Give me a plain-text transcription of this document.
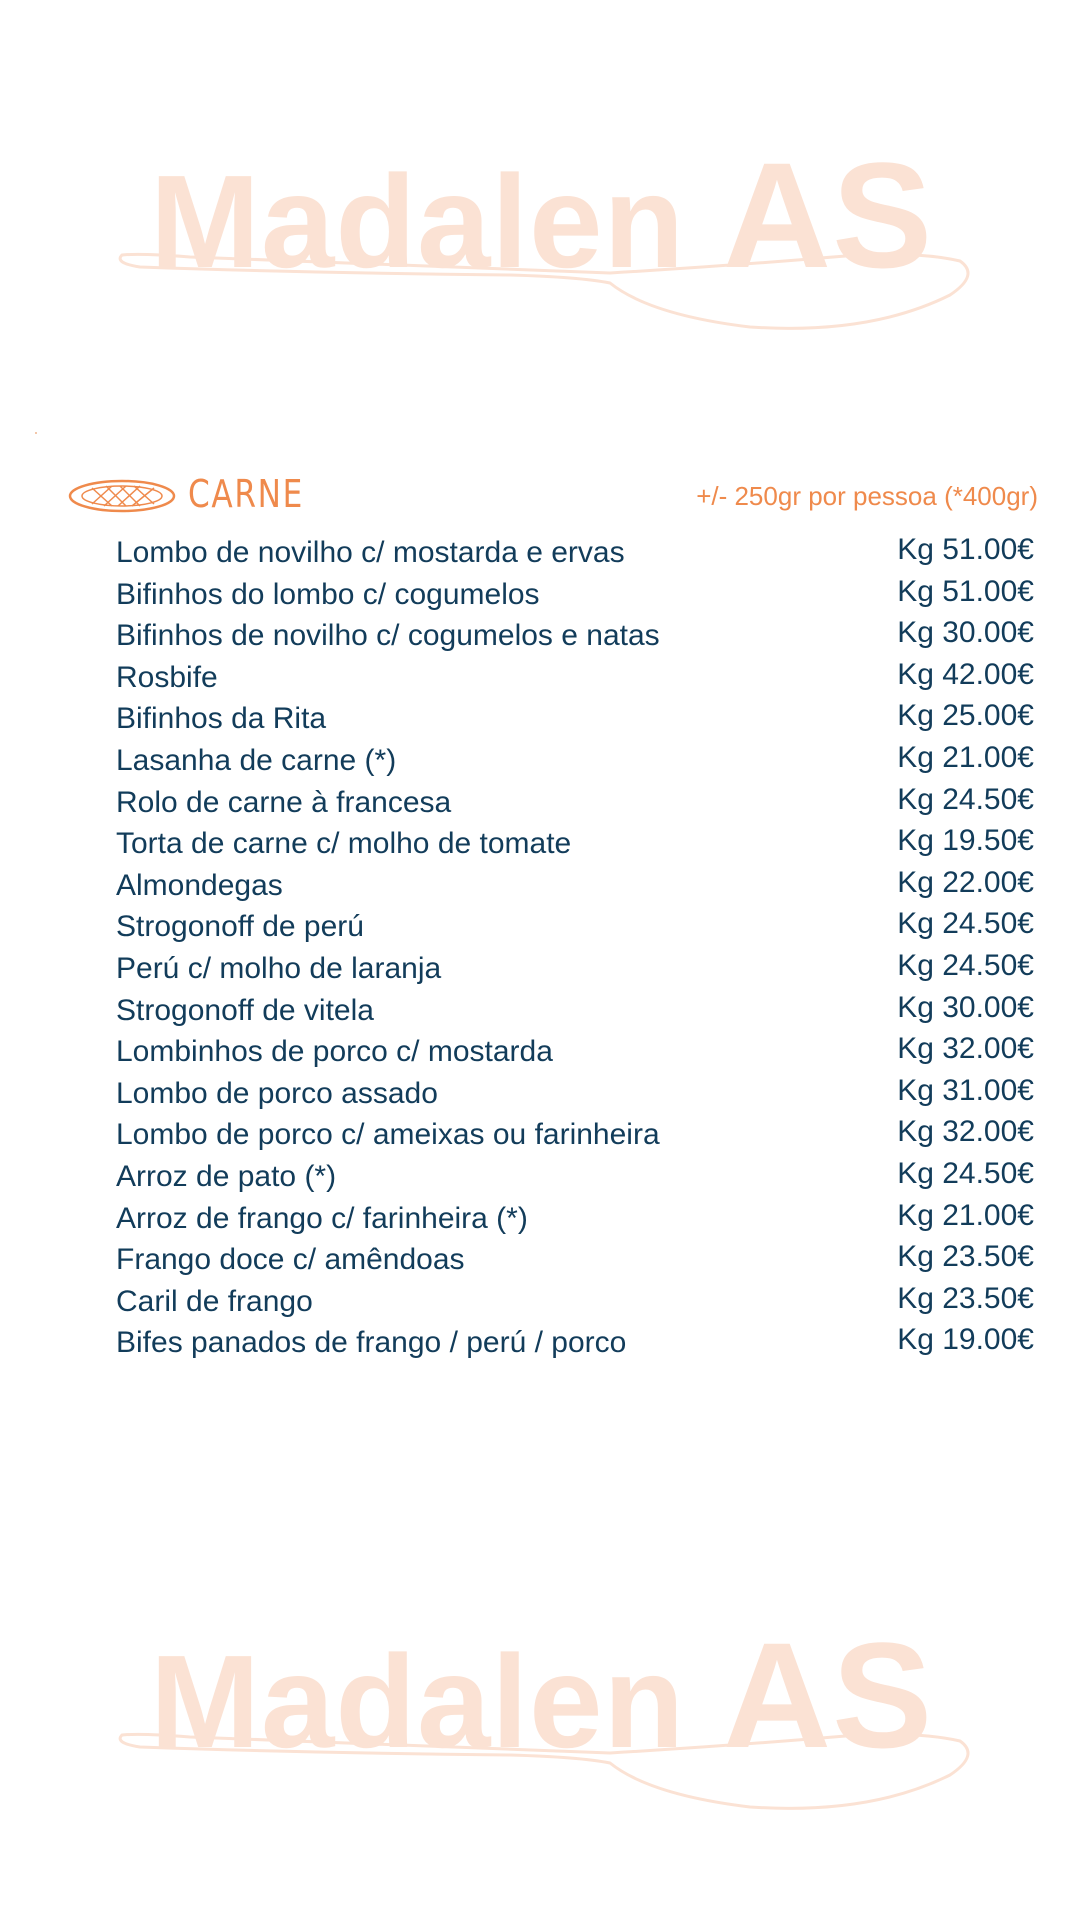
Madalen AS
CARNE	+/- 250gr por pessoa (*400gr)
Lombo de novilho c/ mostarda e ervas	Kg 51.00€
Bifinhos do lombo c/ cogumelos	Kg 51.00€
Bifinhos de novilho c/ cogumelos e natas	Kg 30.00€
Rosbife	Kg 42.00€
Bifinhos da Rita	Kg 25.00€
Lasanha de carne (*)	Kg 21.00€
Rolo de carne à francesa	Kg 24.50€
Torta de carne c/ molho de tomate	Kg 19.50€
Almondegas	Kg 22.00€
Strogonoff de perú	Kg 24.50€
Perú c/ molho de laranja	Kg 24.50€
Strogonoff de vitela	Kg 30.00€
Lombinhos de porco c/ mostarda	Kg 32.00€
Lombo de porco assado	Kg 31.00€
Lombo de porco c/ ameixas ou farinheira	Kg 32.00€
Arroz de pato (*)	Kg 24.50€
Arroz de frango c/ farinheira (*)	Kg 21.00€
Frango doce c/ amêndoas	Kg 23.50€
Caril de frango	Kg 23.50€
Bifes panados de frango / perú / porco	Kg 19.00€
Madalen AS
